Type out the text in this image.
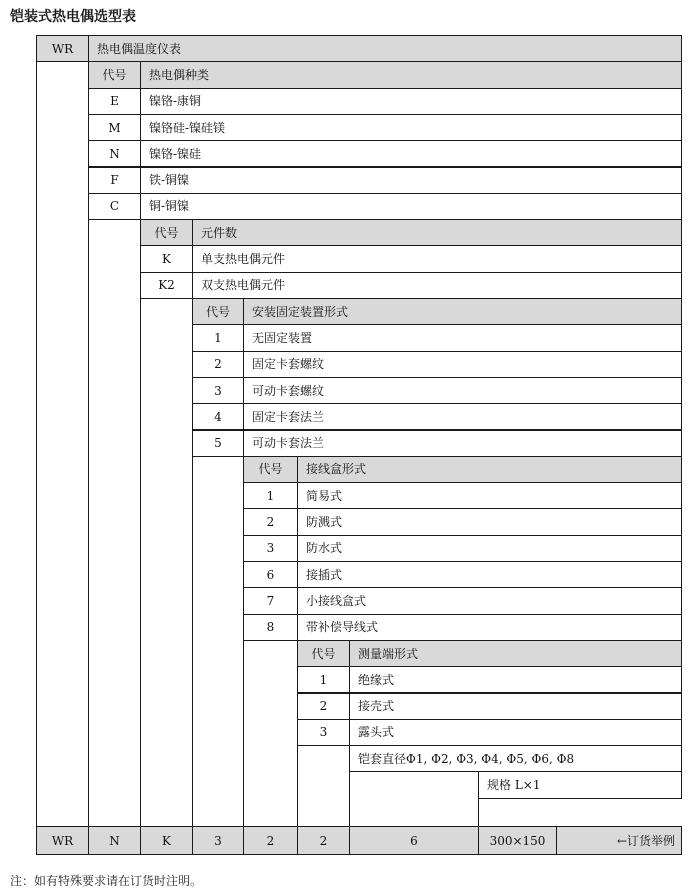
铠装式热电偶选型表
WR	热电偶温度仪表
代号	热电偶种类
E	镍铬-康铜
M	镍铬硅-镍硅镁
N	镍铬-镍硅
F	铁-铜镍
C	铜-铜镍
代号	元件数
K	单支热电偶元件
K2	双支热电偶元件
代号	安装固定装置形式
1	无固定装置
2	固定卡套螺纹
3	可动卡套螺纹
4	固定卡套法兰
5	可动卡套法兰
代号	接线盒形式
1	简易式
2	防溅式
3	防水式
6	接插式
7	小接线盒式
8	带补偿导线式
代号	测量端形式
1	绝缘式
2	接壳式
3	露头式
铠套直径Φ1, Φ2, Φ3, Φ4, Φ5, Φ6, Φ8
规格 L×1
WR	N	K	3	2	2	6	300×150	←订货举例
注：如有特殊要求请在订货时注明。
